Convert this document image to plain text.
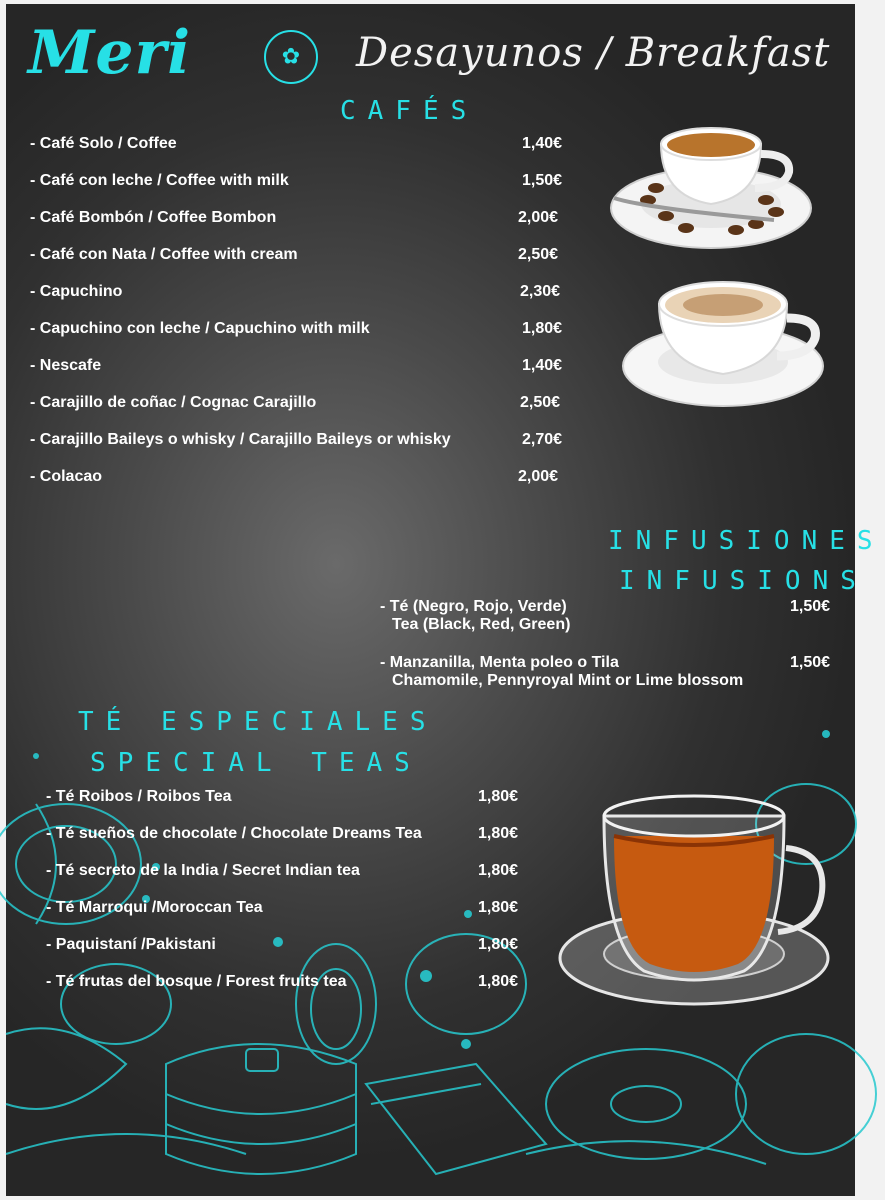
Meri	✿ Desayunos / Breakfast
CAFÉS
- Café Solo / Coffee	1,40€
- Café con leche / Coffee with milk	1,50€
- Café Bombón / Coffee Bombon	2,00€
- Café con Nata / Coffee with cream	2,50€
- Capuchino	2,30€
- Capuchino con leche / Capuchino with milk	1,80€
- Nescafe	1,40€
- Carajillo de coñac / Cognac Carajillo	2,50€
- Carajillo Baileys o whisky / Carajillo Baileys or whisky	2,70€
- Colacao	2,00€
INFUSIONES
INFUSIONS
- Té (Negro, Rojo, Verde)
Tea (Black, Red, Green)
1,50€
- Manzanilla, Menta poleo o Tila
Chamomile, Pennyroyal Mint or Lime blossom
1,50€
TÉ ESPECIALES
SPECIAL TEAS
- Té Roibos / Roibos Tea	1,80€
- Té sueños de chocolate / Chocolate Dreams Tea	1,80€
- Té secreto de la India / Secret Indian tea	1,80€
- Té Marroqui /Moroccan Tea	1,80€
- Paquistaní /Pakistani	1,80€
- Té frutas del bosque / Forest fruits tea	1,80€
